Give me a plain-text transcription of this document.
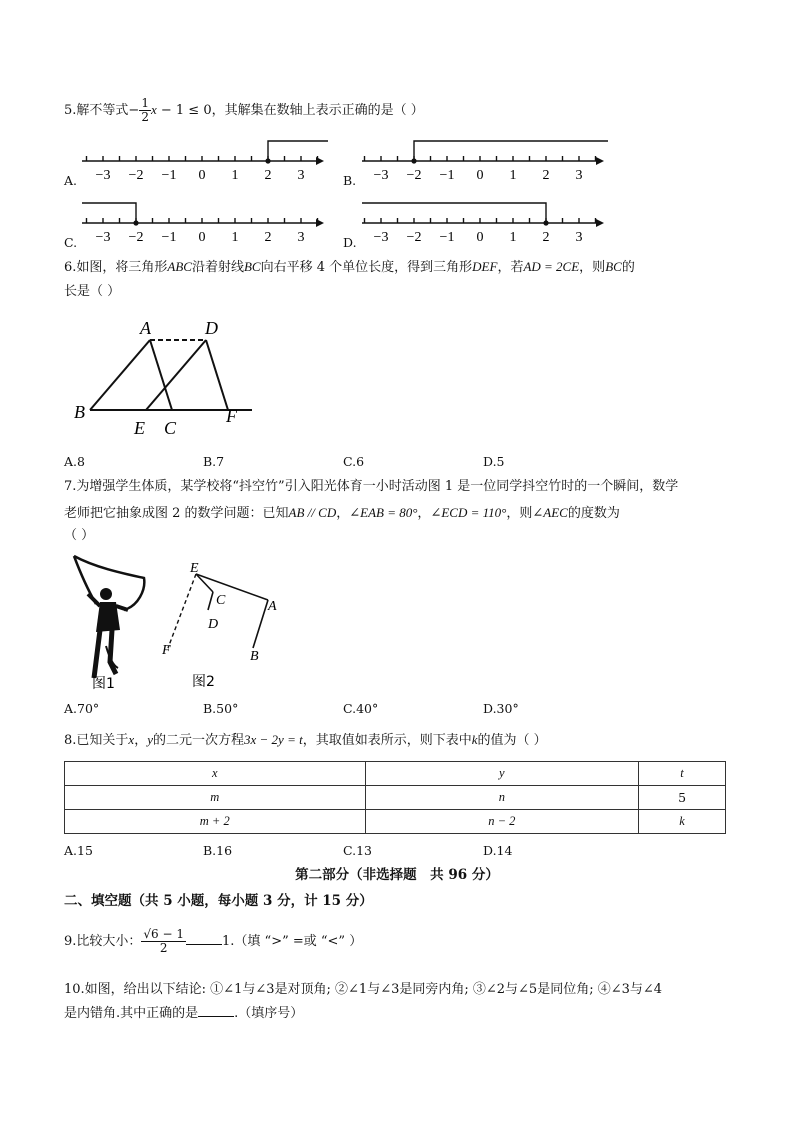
5.解不等式− $\frac{1}{2}$ x − 1 ≤ 0，其解集在数轴上表示正确的是（ ）
A.	B.
C.	D.
−3 −2 −1 0 1 2 3	−3 −2 −1 0 1 2 3
−3 −2 −1 0 1 2 3	−3 −2 −1 0 1 2 3
6.如图，将三角形ABC沿着射线BC向右平移 4 个单位长度，得到三角形DEF，若AD = 2CE，则BC的
长是（ ）
A	D
B
E C
F
A.8	B.7	C.6	D.5
7.为增强学生体质，某学校将“抖空竹”引入阳光体育一小时活动图 1 是一位同学抖空竹时的一个瞬间，数学
老师把它抽象成图 2 的数学问题：已知AB // CD，∠EAB = 80°，∠ECD = 110°，则∠AEC的度数为
（ ）
图1
E
C
D
A
F	B
图2
A.70°	B.50°	C.40°	D.30°
8.已知关于x，y的二元一次方程3x − 2y = t，其取值如表所示，则下表中k的值为（ ）
x	y	t
m	n	5
m + 2	n − 2	k
A.15	B.16	C.13	D.14
第二部分（非选择题　共 96 分）
二、填空题（共 5 小题，每小题 3 分，计 15 分）
9.比较大小： $\frac{√6 - 1}{2}$	1.（填 “>” =或 “<” ）
10.如图，给出以下结论: ①∠1与∠3是对顶角; ②∠1与∠3是同旁内角; ③∠2与∠5是同位角; ④∠3与∠4
是内错角.其中正确的是	.（填序号）
